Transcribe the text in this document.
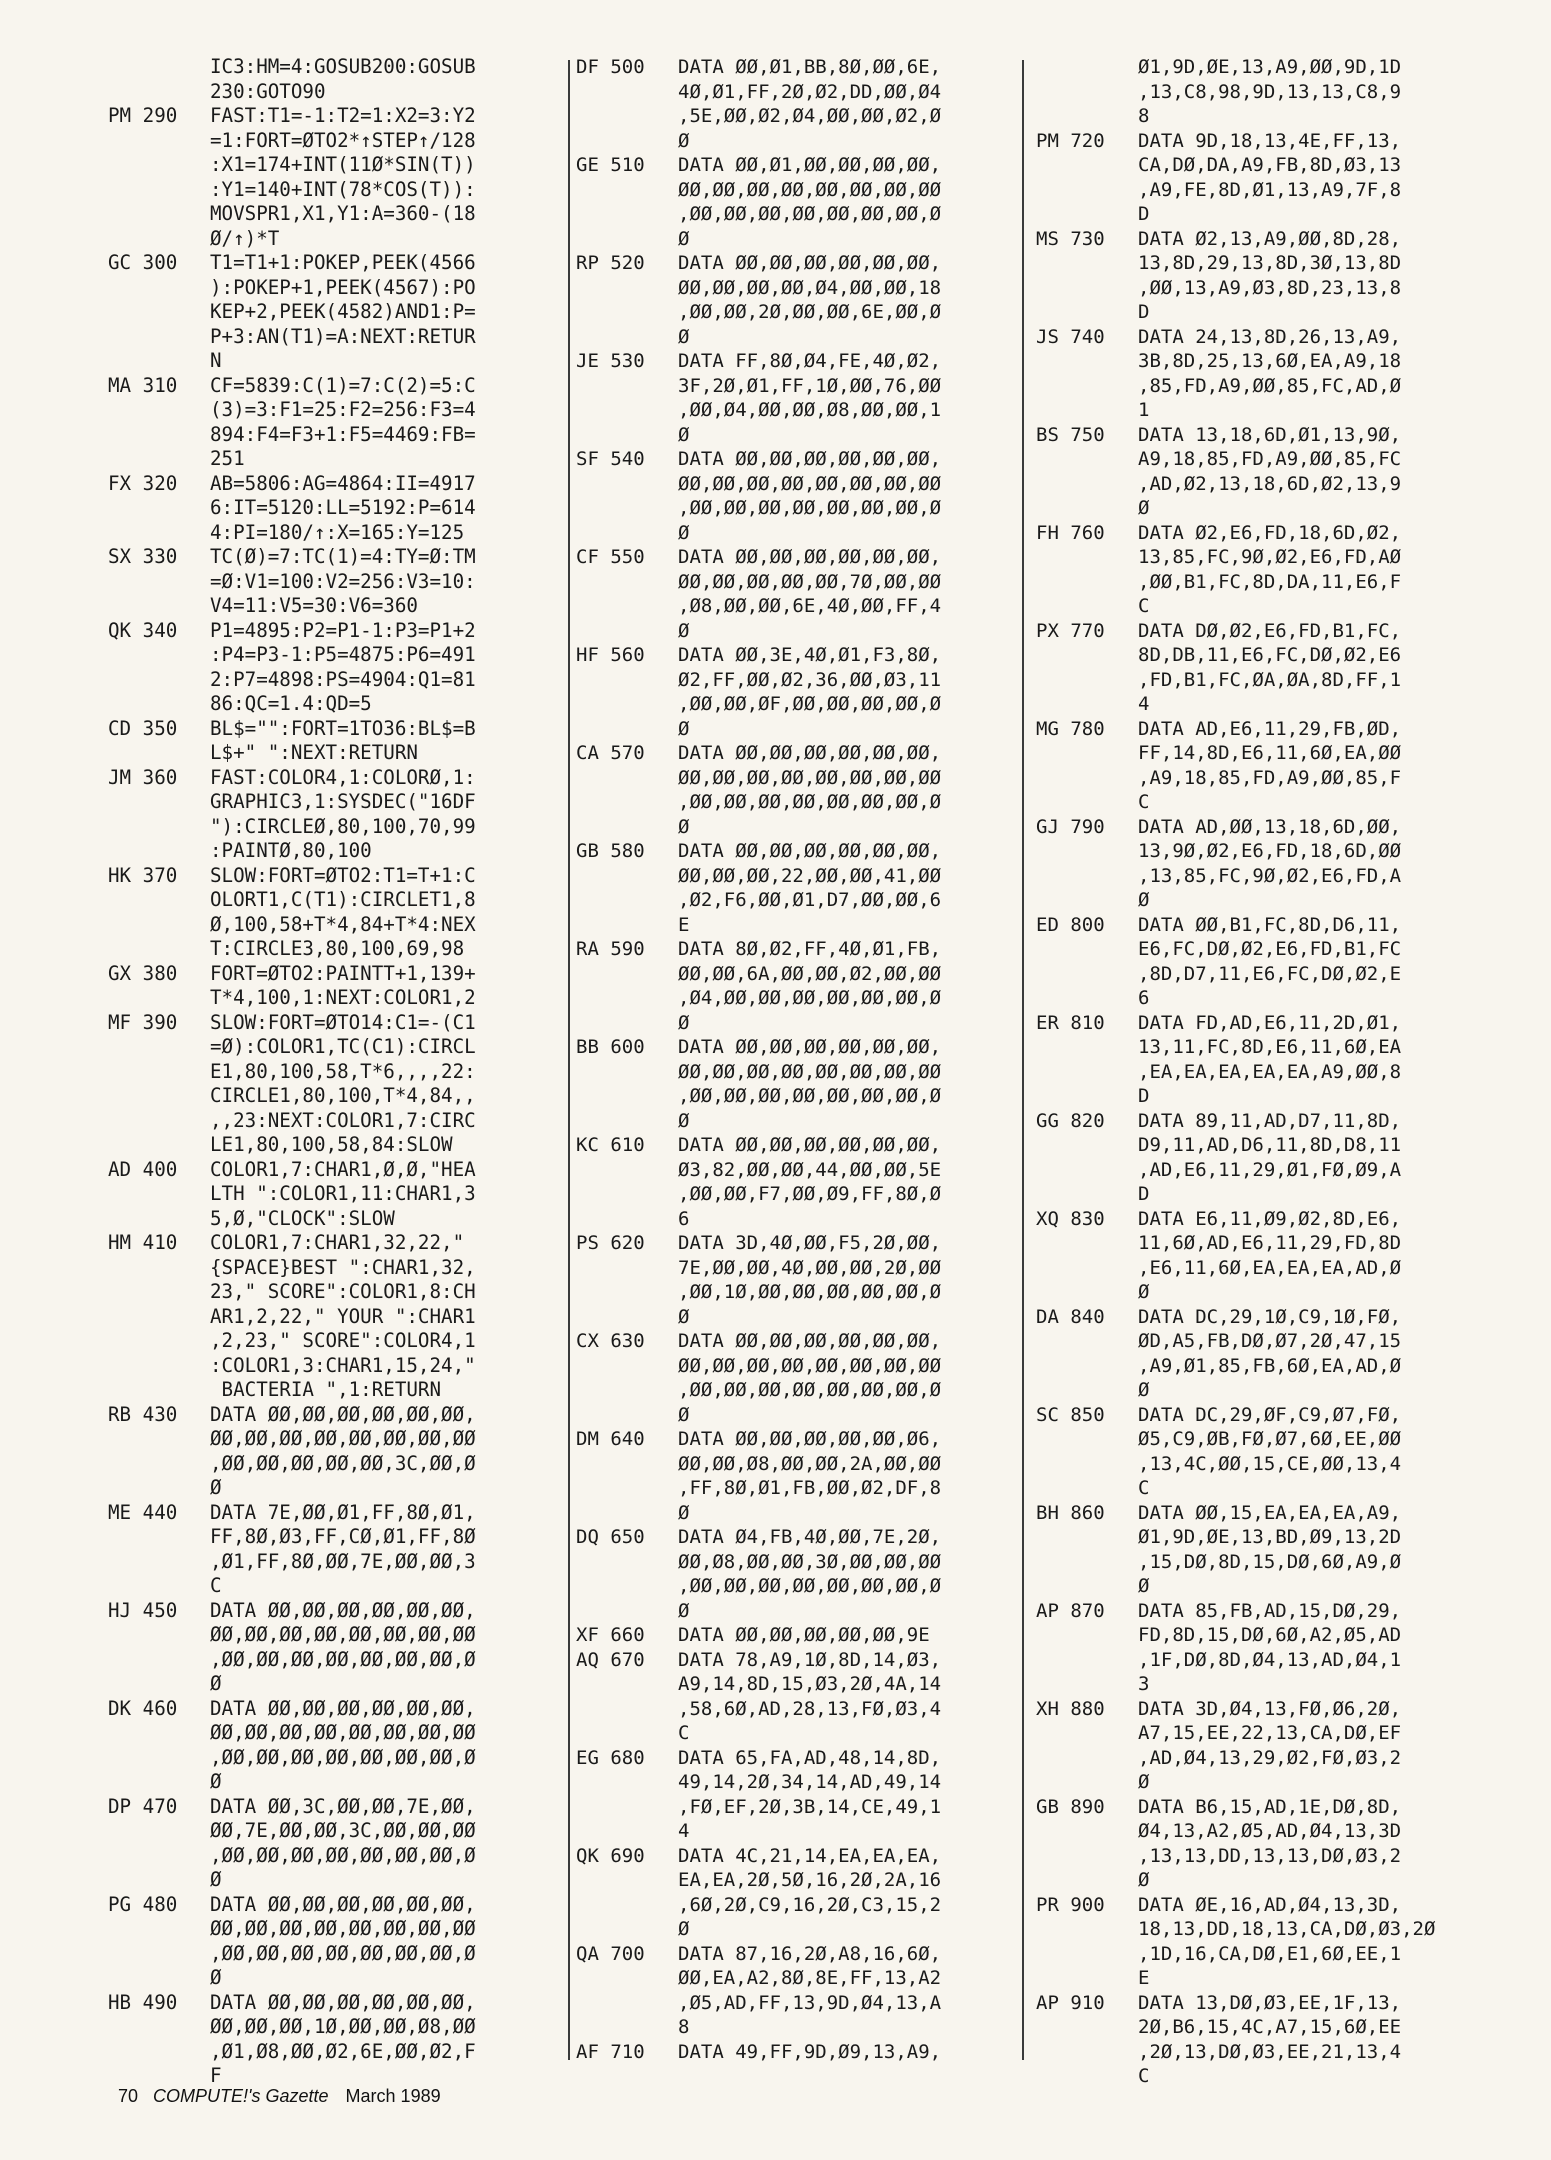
IC3:HM=4:GOSUB200:GOSUB
230:GOTO90
PM 290 FAST:T1=-1:T2=1:X2=3:Y2
=1:FORT=ØTO2*↑STEP↑/128
:X1=174+INT(11Ø*SIN(T))
:Y1=140+INT(78*COS(T)):
MOVSPR1,X1,Y1:A=360-(18
Ø/↑)*T
GC 300 T1=T1+1:POKEP,PEEK(4566
):POKEP+1,PEEK(4567):PO
KEP+2,PEEK(4582)AND1:P=
P+3:AN(T1)=A:NEXT:RETUR
N
MA 310 CF=5839:C(1)=7:C(2)=5:C
(3)=3:F1=25:F2=256:F3=4
894:F4=F3+1:F5=4469:FB=
251
FX 320 AB=5806:AG=4864:II=4917
6:IT=5120:LL=5192:P=614
4:PI=180/↑:X=165:Y=125
SX 330 TC(Ø)=7:TC(1)=4:TY=Ø:TM
=Ø:V1=100:V2=256:V3=10:
V4=11:V5=30:V6=360
QK 340 P1=4895:P2=P1-1:P3=P1+2
:P4=P3-1:P5=4875:P6=491
2:P7=4898:PS=4904:Q1=81
86:QC=1.4:QD=5
CD 350 BL$="":FORT=1TO36:BL$=B
L$+" ":NEXT:RETURN
JM 360 FAST:COLOR4,1:COLORØ,1:
GRAPHIC3,1:SYSDEC("16DF
"):CIRCLEØ,80,100,70,99
:PAINTØ,80,100
HK 370 SLOW:FORT=ØTO2:T1=T+1:C
OLORT1,C(T1):CIRCLET1,8
Ø,100,58+T*4,84+T*4:NEX
T:CIRCLE3,80,100,69,98
GX 380 FORT=ØTO2:PAINTT+1,139+
T*4,100,1:NEXT:COLOR1,2
MF 390 SLOW:FORT=ØTO14:C1=-(C1
=Ø):COLOR1,TC(C1):CIRCL
E1,80,100,58,T*6,,,,22:
CIRCLE1,80,100,T*4,84,,
,,23:NEXT:COLOR1,7:CIRC
LE1,80,100,58,84:SLOW
AD 400 COLOR1,7:CHAR1,Ø,Ø,"HEA
LTH ":COLOR1,11:CHAR1,3
5,Ø,"CLOCK":SLOW
HM 410 COLOR1,7:CHAR1,32,22,"
{SPACE}BEST ":CHAR1,32,
23," SCORE":COLOR1,8:CH
AR1,2,22," YOUR ":CHAR1
,2,23," SCORE":COLOR4,1
:COLOR1,3:CHAR1,15,24,"
BACTERIA ",1:RETURN
RB 430 DATA ØØ,ØØ,ØØ,ØØ,ØØ,ØØ,
ØØ,ØØ,ØØ,ØØ,ØØ,ØØ,ØØ,ØØ
,ØØ,ØØ,ØØ,ØØ,ØØ,3C,ØØ,Ø
Ø
ME 440 DATA 7E,ØØ,Ø1,FF,8Ø,Ø1,
FF,8Ø,Ø3,FF,CØ,Ø1,FF,8Ø
,Ø1,FF,8Ø,ØØ,7E,ØØ,ØØ,3
C
HJ 450 DATA ØØ,ØØ,ØØ,ØØ,ØØ,ØØ,
ØØ,ØØ,ØØ,ØØ,ØØ,ØØ,ØØ,ØØ
,ØØ,ØØ,ØØ,ØØ,ØØ,ØØ,ØØ,Ø
Ø
DK 460 DATA ØØ,ØØ,ØØ,ØØ,ØØ,ØØ,
ØØ,ØØ,ØØ,ØØ,ØØ,ØØ,ØØ,ØØ
,ØØ,ØØ,ØØ,ØØ,ØØ,ØØ,ØØ,Ø
Ø
DP 470 DATA ØØ,3C,ØØ,ØØ,7E,ØØ,
ØØ,7E,ØØ,ØØ,3C,ØØ,ØØ,ØØ
,ØØ,ØØ,ØØ,ØØ,ØØ,ØØ,ØØ,Ø
Ø
PG 480 DATA ØØ,ØØ,ØØ,ØØ,ØØ,ØØ,
ØØ,ØØ,ØØ,ØØ,ØØ,ØØ,ØØ,ØØ
,ØØ,ØØ,ØØ,ØØ,ØØ,ØØ,ØØ,Ø
Ø
HB 490 DATA ØØ,ØØ,ØØ,ØØ,ØØ,ØØ,
ØØ,ØØ,ØØ,1Ø,ØØ,ØØ,Ø8,ØØ
,Ø1,Ø8,ØØ,Ø2,6E,ØØ,Ø2,F
F
DF 500 DATA ØØ,Ø1,BB,8Ø,ØØ,6E,
4Ø,Ø1,FF,2Ø,Ø2,DD,ØØ,Ø4
,5E,ØØ,Ø2,Ø4,ØØ,ØØ,Ø2,Ø
Ø
GE 510 DATA ØØ,Ø1,ØØ,ØØ,ØØ,ØØ,
ØØ,ØØ,ØØ,ØØ,ØØ,ØØ,ØØ,ØØ
,ØØ,ØØ,ØØ,ØØ,ØØ,ØØ,ØØ,Ø
Ø
RP 520 DATA ØØ,ØØ,ØØ,ØØ,ØØ,ØØ,
ØØ,ØØ,ØØ,ØØ,Ø4,ØØ,ØØ,18
,ØØ,ØØ,2Ø,ØØ,ØØ,6E,ØØ,Ø
Ø
JE 530 DATA FF,8Ø,Ø4,FE,4Ø,Ø2,
3F,2Ø,Ø1,FF,1Ø,ØØ,76,ØØ
,ØØ,Ø4,ØØ,ØØ,Ø8,ØØ,ØØ,1
Ø
SF 540 DATA ØØ,ØØ,ØØ,ØØ,ØØ,ØØ,
ØØ,ØØ,ØØ,ØØ,ØØ,ØØ,ØØ,ØØ
,ØØ,ØØ,ØØ,ØØ,ØØ,ØØ,ØØ,Ø
Ø
CF 550 DATA ØØ,ØØ,ØØ,ØØ,ØØ,ØØ,
ØØ,ØØ,ØØ,ØØ,ØØ,7Ø,ØØ,ØØ
,Ø8,ØØ,ØØ,6E,4Ø,ØØ,FF,4
Ø
HF 560 DATA ØØ,3E,4Ø,Ø1,F3,8Ø,
Ø2,FF,ØØ,Ø2,36,ØØ,Ø3,11
,ØØ,ØØ,ØF,ØØ,ØØ,ØØ,ØØ,Ø
Ø
CA 570 DATA ØØ,ØØ,ØØ,ØØ,ØØ,ØØ,
ØØ,ØØ,ØØ,ØØ,ØØ,ØØ,ØØ,ØØ
,ØØ,ØØ,ØØ,ØØ,ØØ,ØØ,ØØ,Ø
Ø
GB 580 DATA ØØ,ØØ,ØØ,ØØ,ØØ,ØØ,
ØØ,ØØ,ØØ,22,ØØ,ØØ,41,ØØ
,Ø2,F6,ØØ,Ø1,D7,ØØ,ØØ,6
E
RA 590 DATA 8Ø,Ø2,FF,4Ø,Ø1,FB,
ØØ,ØØ,6A,ØØ,ØØ,Ø2,ØØ,ØØ
,Ø4,ØØ,ØØ,ØØ,ØØ,ØØ,ØØ,Ø
Ø
BB 600 DATA ØØ,ØØ,ØØ,ØØ,ØØ,ØØ,
ØØ,ØØ,ØØ,ØØ,ØØ,ØØ,ØØ,ØØ
,ØØ,ØØ,ØØ,ØØ,ØØ,ØØ,ØØ,Ø
Ø
KC 610 DATA ØØ,ØØ,ØØ,ØØ,ØØ,ØØ,
Ø3,82,ØØ,ØØ,44,ØØ,ØØ,5E
,ØØ,ØØ,F7,ØØ,Ø9,FF,8Ø,Ø
6
PS 620 DATA 3D,4Ø,ØØ,F5,2Ø,ØØ,
7E,ØØ,ØØ,4Ø,ØØ,ØØ,2Ø,ØØ
,ØØ,1Ø,ØØ,ØØ,ØØ,ØØ,ØØ,Ø
Ø
CX 630 DATA ØØ,ØØ,ØØ,ØØ,ØØ,ØØ,
ØØ,ØØ,ØØ,ØØ,ØØ,ØØ,ØØ,ØØ
,ØØ,ØØ,ØØ,ØØ,ØØ,ØØ,ØØ,Ø
Ø
DM 640 DATA ØØ,ØØ,ØØ,ØØ,ØØ,Ø6,
ØØ,ØØ,Ø8,ØØ,ØØ,2A,ØØ,ØØ
,FF,8Ø,Ø1,FB,ØØ,Ø2,DF,8
Ø
DQ 650 DATA Ø4,FB,4Ø,ØØ,7E,2Ø,
ØØ,Ø8,ØØ,ØØ,3Ø,ØØ,ØØ,ØØ
,ØØ,ØØ,ØØ,ØØ,ØØ,ØØ,ØØ,Ø
Ø
XF 660 DATA ØØ,ØØ,ØØ,ØØ,ØØ,9E
AQ 670 DATA 78,A9,1Ø,8D,14,Ø3,
A9,14,8D,15,Ø3,2Ø,4A,14
,58,6Ø,AD,28,13,FØ,Ø3,4
C
EG 680 DATA 65,FA,AD,48,14,8D,
49,14,2Ø,34,14,AD,49,14
,FØ,EF,2Ø,3B,14,CE,49,1
4
QK 690 DATA 4C,21,14,EA,EA,EA,
EA,EA,2Ø,5Ø,16,2Ø,2A,16
,6Ø,2Ø,C9,16,2Ø,C3,15,2
Ø
QA 700 DATA 87,16,2Ø,A8,16,6Ø,
ØØ,EA,A2,8Ø,8E,FF,13,A2
,Ø5,AD,FF,13,9D,Ø4,13,A
8
AF 710 DATA 49,FF,9D,Ø9,13,A9,
Ø1,9D,ØE,13,A9,ØØ,9D,1D
,13,C8,98,9D,13,13,C8,9
8
PM 720 DATA 9D,18,13,4E,FF,13,
CA,DØ,DA,A9,FB,8D,Ø3,13
,A9,FE,8D,Ø1,13,A9,7F,8
D
MS 730 DATA Ø2,13,A9,ØØ,8D,28,
13,8D,29,13,8D,3Ø,13,8D
,ØØ,13,A9,Ø3,8D,23,13,8
D
JS 740 DATA 24,13,8D,26,13,A9,
3B,8D,25,13,6Ø,EA,A9,18
,85,FD,A9,ØØ,85,FC,AD,Ø
1
BS 750 DATA 13,18,6D,Ø1,13,9Ø,
A9,18,85,FD,A9,ØØ,85,FC
,AD,Ø2,13,18,6D,Ø2,13,9
Ø
FH 760 DATA Ø2,E6,FD,18,6D,Ø2,
13,85,FC,9Ø,Ø2,E6,FD,AØ
,ØØ,B1,FC,8D,DA,11,E6,F
C
PX 770 DATA DØ,Ø2,E6,FD,B1,FC,
8D,DB,11,E6,FC,DØ,Ø2,E6
,FD,B1,FC,ØA,ØA,8D,FF,1
4
MG 780 DATA AD,E6,11,29,FB,ØD,
FF,14,8D,E6,11,6Ø,EA,ØØ
,A9,18,85,FD,A9,ØØ,85,F
C
GJ 790 DATA AD,ØØ,13,18,6D,ØØ,
13,9Ø,Ø2,E6,FD,18,6D,ØØ
,13,85,FC,9Ø,Ø2,E6,FD,A
Ø
ED 800 DATA ØØ,B1,FC,8D,D6,11,
E6,FC,DØ,Ø2,E6,FD,B1,FC
,8D,D7,11,E6,FC,DØ,Ø2,E
6
ER 810 DATA FD,AD,E6,11,2D,Ø1,
13,11,FC,8D,E6,11,6Ø,EA
,EA,EA,EA,EA,EA,A9,ØØ,8
D
GG 820 DATA 89,11,AD,D7,11,8D,
D9,11,AD,D6,11,8D,D8,11
,AD,E6,11,29,Ø1,FØ,Ø9,A
D
XQ 830 DATA E6,11,Ø9,Ø2,8D,E6,
11,6Ø,AD,E6,11,29,FD,8D
,E6,11,6Ø,EA,EA,EA,AD,Ø
Ø
DA 840 DATA DC,29,1Ø,C9,1Ø,FØ,
ØD,A5,FB,DØ,Ø7,2Ø,47,15
,A9,Ø1,85,FB,6Ø,EA,AD,Ø
Ø
SC 850 DATA DC,29,ØF,C9,Ø7,FØ,
Ø5,C9,ØB,FØ,Ø7,6Ø,EE,ØØ
,13,4C,ØØ,15,CE,ØØ,13,4
C
BH 860 DATA ØØ,15,EA,EA,EA,A9,
Ø1,9D,ØE,13,BD,Ø9,13,2D
,15,DØ,8D,15,DØ,6Ø,A9,Ø
Ø
AP 870 DATA 85,FB,AD,15,DØ,29,
FD,8D,15,DØ,6Ø,A2,Ø5,AD
,1F,DØ,8D,Ø4,13,AD,Ø4,1
3
XH 880 DATA 3D,Ø4,13,FØ,Ø6,2Ø,
A7,15,EE,22,13,CA,DØ,EF
,AD,Ø4,13,29,Ø2,FØ,Ø3,2
Ø
GB 890 DATA B6,15,AD,1E,DØ,8D,
Ø4,13,A2,Ø5,AD,Ø4,13,3D
,13,13,DD,13,13,DØ,Ø3,2
Ø
PR 900 DATA ØE,16,AD,Ø4,13,3D,
18,13,DD,18,13,CA,DØ,Ø3,2Ø
,1D,16,CA,DØ,E1,6Ø,EE,1
E
AP 910 DATA 13,DØ,Ø3,EE,1F,13,
2Ø,B6,15,4C,A7,15,6Ø,EE
,2Ø,13,DØ,Ø3,EE,21,13,4
C
70 COMPUTE!'s Gazette March 1989
